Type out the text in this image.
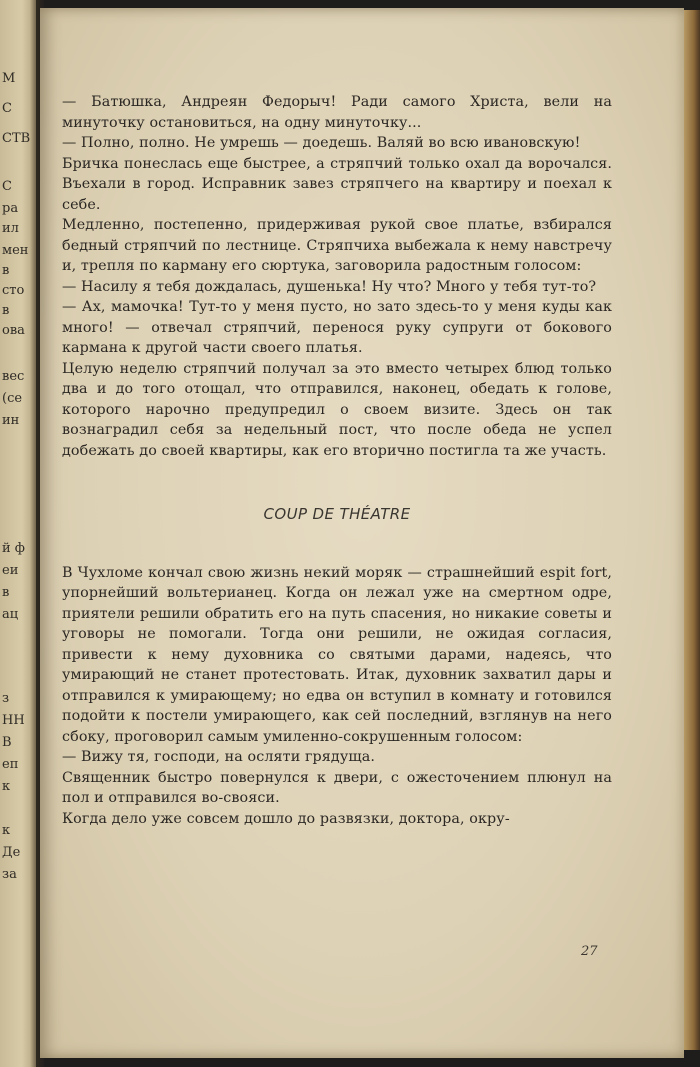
М
С
СТВ
С
ра
ил
мен
в
сто
в
ова
вес
(се
ин
й ф
еи
в
ац
з
НН
В
еп
к
к
Де
за

— Батюшка, Андреян Федорыч! Ради самого Христа, вели на минуточку остановиться, на одну минуточку...

— Полно, полно. Не умрешь — доедешь. Валяй во всю ивановскую!

Бричка понеслась еще быстрее, а стряпчий только охал да ворочался. Въехали в город. Исправник завез стряпчего на квартиру и поехал к себе.

Медленно, постепенно, придерживая рукой свое платье, взбирался бедный стряпчий по лестнице. Стряпчиха выбежала к нему навстречу и, трепля по карману его сюртука, заговорила радостным голосом:

— Насилу я тебя дождалась, душенька! Ну что? Много у тебя тут-то?

— Ах, мамочка! Тут-то у меня пусто, но зато здесь-то у меня куды как много! — отвечал стряпчий, перенося руку супруги от бокового кармана к другой части своего платья.

Целую неделю стряпчий получал за это вместо четырех блюд только два и до того отощал, что отправился, наконец, обедать к голове, которого нарочно предупредил о своем визите. Здесь он так вознаградил себя за недельный пост, что после обеда не успел добежать до своей квартиры, как его вторично постигла та же участь.

COUP DE THÉATRE

В Чухломе кончал свою жизнь некий моряк — страшнейший espit fort, упорнейший вольтерианец. Когда он лежал уже на смертном одре, приятели решили обратить его на путь спасения, но никакие советы и уговоры не помогали. Тогда они решили, не ожидая согласия, привести к нему духовника со святыми дарами, надеясь, что умирающий не станет протестовать. Итак, духовник захватил дары и отправился к умирающему; но едва он вступил в комнату и готовился подойти к постели умирающего, как сей последний, взглянув на него сбоку, проговорил самым умиленно-сокрушенным голосом:

— Вижу тя, господи, на осляти грядуща.

Священник быстро повернулся к двери, с ожесточением плюнул на пол и отправился во-свояси.

Когда дело уже совсем дошло до развязки, доктора, окру-

27
